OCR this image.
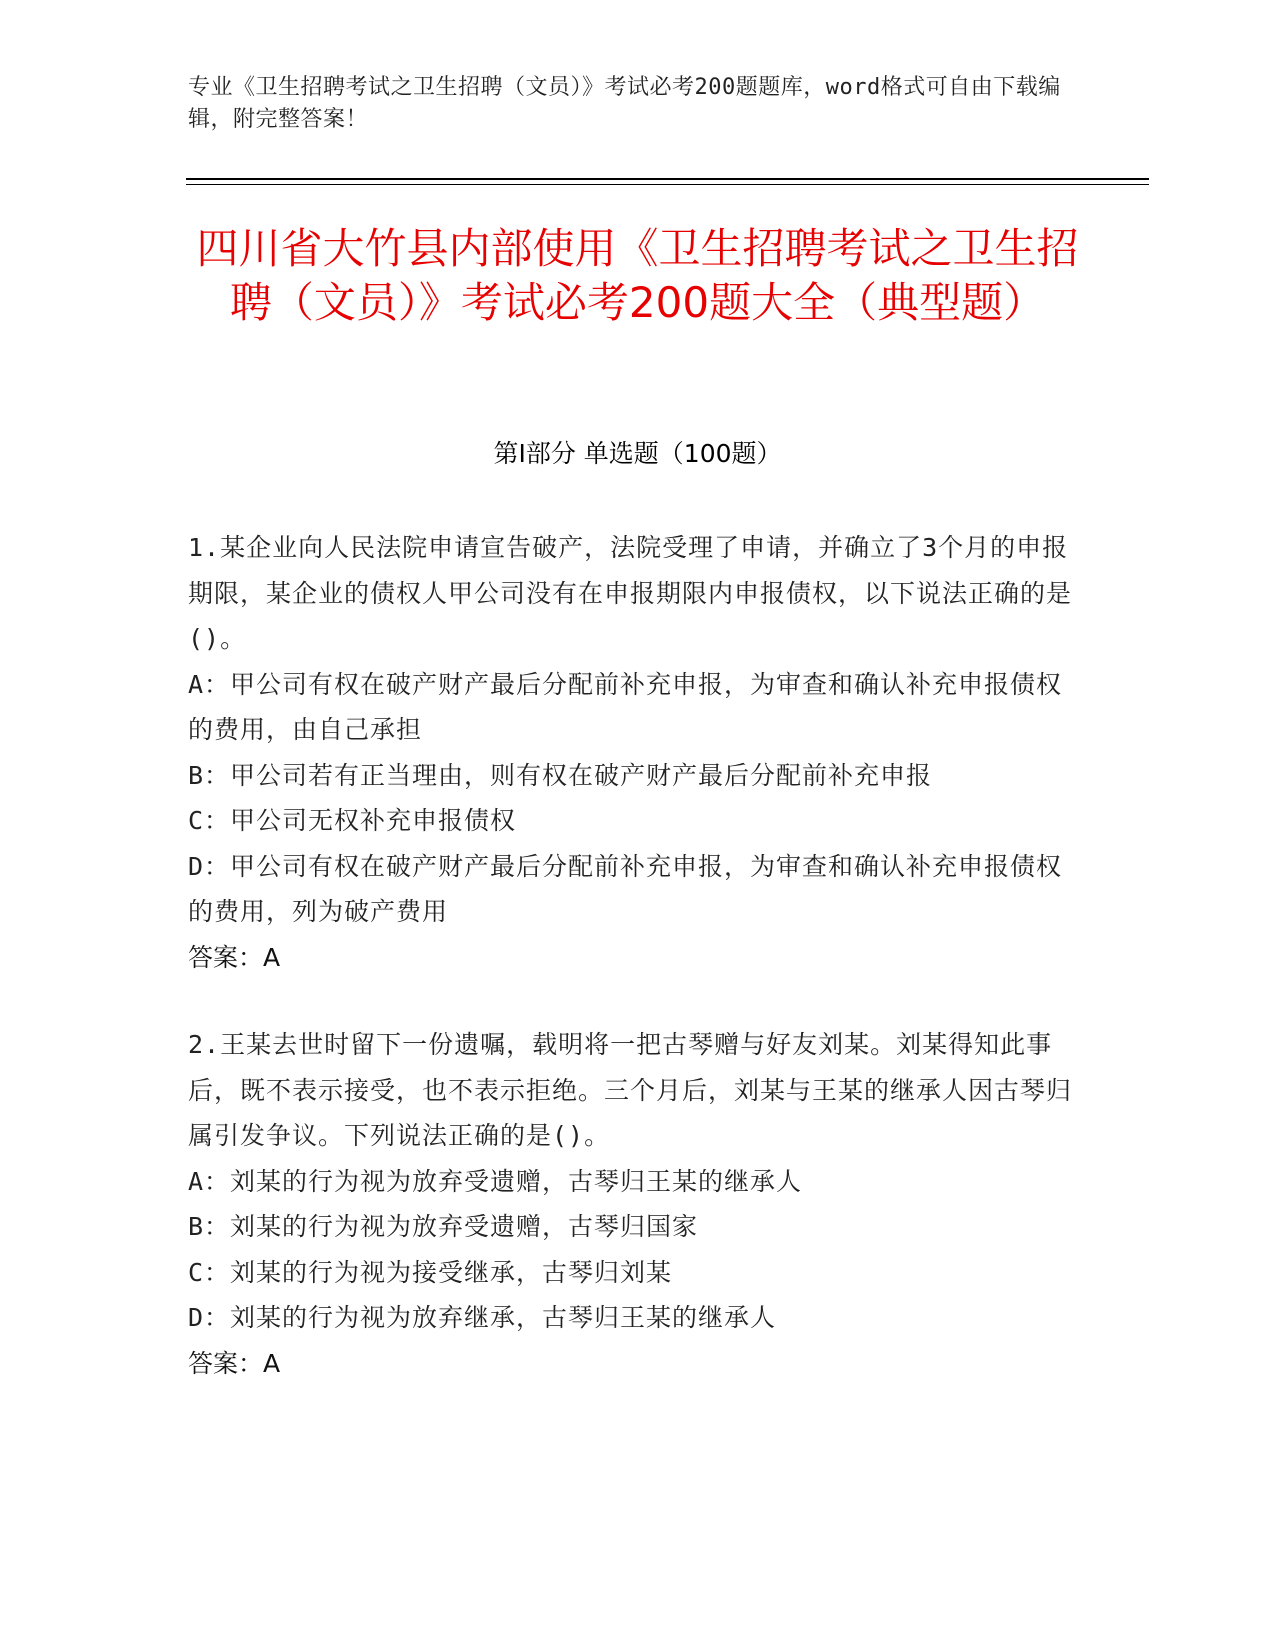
专业《卫生招聘考试之卫生招聘（文员）》考试必考200题题库，word格式可自由下载编辑，附完整答案！
四川省大竹县内部使用《卫生招聘考试之卫生招聘（文员）》考试必考200题大全（典型题）
第Ⅰ部分 单选题（100题）
1.某企业向人民法院申请宣告破产，法院受理了申请，并确立了3个月的申报期限，某企业的债权人甲公司没有在申报期限内申报债权，以下说法正确的是()。
A：甲公司有权在破产财产最后分配前补充申报，为审查和确认补充申报债权的费用，由自己承担
B：甲公司若有正当理由，则有权在破产财产最后分配前补充申报
C：甲公司无权补充申报债权
D：甲公司有权在破产财产最后分配前补充申报，为审查和确认补充申报债权的费用，列为破产费用
答案：A
2.王某去世时留下一份遗嘱，载明将一把古琴赠与好友刘某。刘某得知此事后，既不表示接受，也不表示拒绝。三个月后，刘某与王某的继承人因古琴归属引发争议。下列说法正确的是()。
A：刘某的行为视为放弃受遗赠，古琴归王某的继承人
B：刘某的行为视为放弃受遗赠，古琴归国家
C：刘某的行为视为接受继承，古琴归刘某
D：刘某的行为视为放弃继承，古琴归王某的继承人
答案：A
